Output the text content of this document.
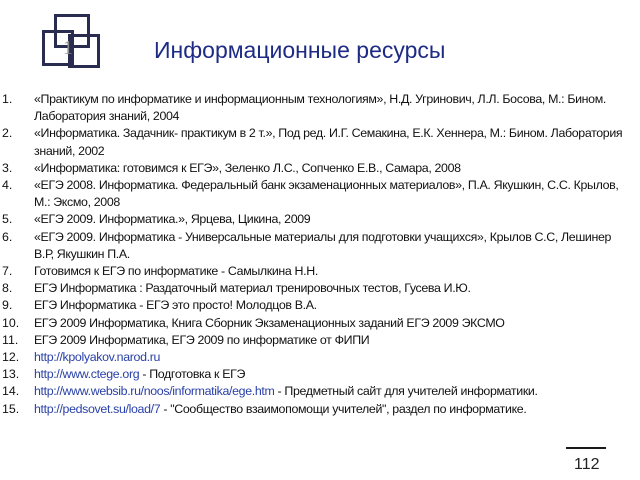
1	Информационные ресурсы
1.	«Практикум по информатике и информационным технологиям», Н.Д. Угринович, Л.Л. Босова, М.: Бином. Лаборатория знаний, 2004
2.	«Информатика. Задачник- практикум в 2 т.», Под ред. И.Г. Семакина, Е.К. Хеннера, М.: Бином. Лаборатория знаний, 2002
3.	«Информатика: готовимся к ЕГЭ», Зеленко Л.С., Сопченко Е.В., Самара, 2008
4.	«ЕГЭ 2008. Информатика. Федеральный банк экзаменационных материалов», П.А. Якушкин, С.С. Крылов, М.: Эксмо, 2008
5.	«ЕГЭ 2009. Информатика.», Ярцева, Цикина, 2009
6.	«ЕГЭ 2009. Информатика - Универсальные материалы для подготовки учащихся», Крылов С.С, Лешинер В.Р, Якушкин П.А.
7.	Готовимся к ЕГЭ по информатике - Самылкина Н.Н.
8.	ЕГЭ Информатика : Раздаточный материал тренировочных тестов, Гусева И.Ю.
9.	ЕГЭ Информатика - ЕГЭ это просто! Молодцов В.А.
10.	ЕГЭ 2009 Информатика, Книга Сборник Экзаменационных заданий ЕГЭ 2009 ЭКСМО
11.	ЕГЭ 2009 Информатика, ЕГЭ 2009 по информатике от ФИПИ
12.	http://kpolyakov.narod.ru
13.	http://www.ctege.org - Подготовка к ЕГЭ
14.	http://www.websib.ru/noos/informatika/ege.htm - Предметный сайт для учителей информатики.
15.	http://pedsovet.su/load/7 - "Сообщество взаимопомощи учителей", раздел по информатике.
112
